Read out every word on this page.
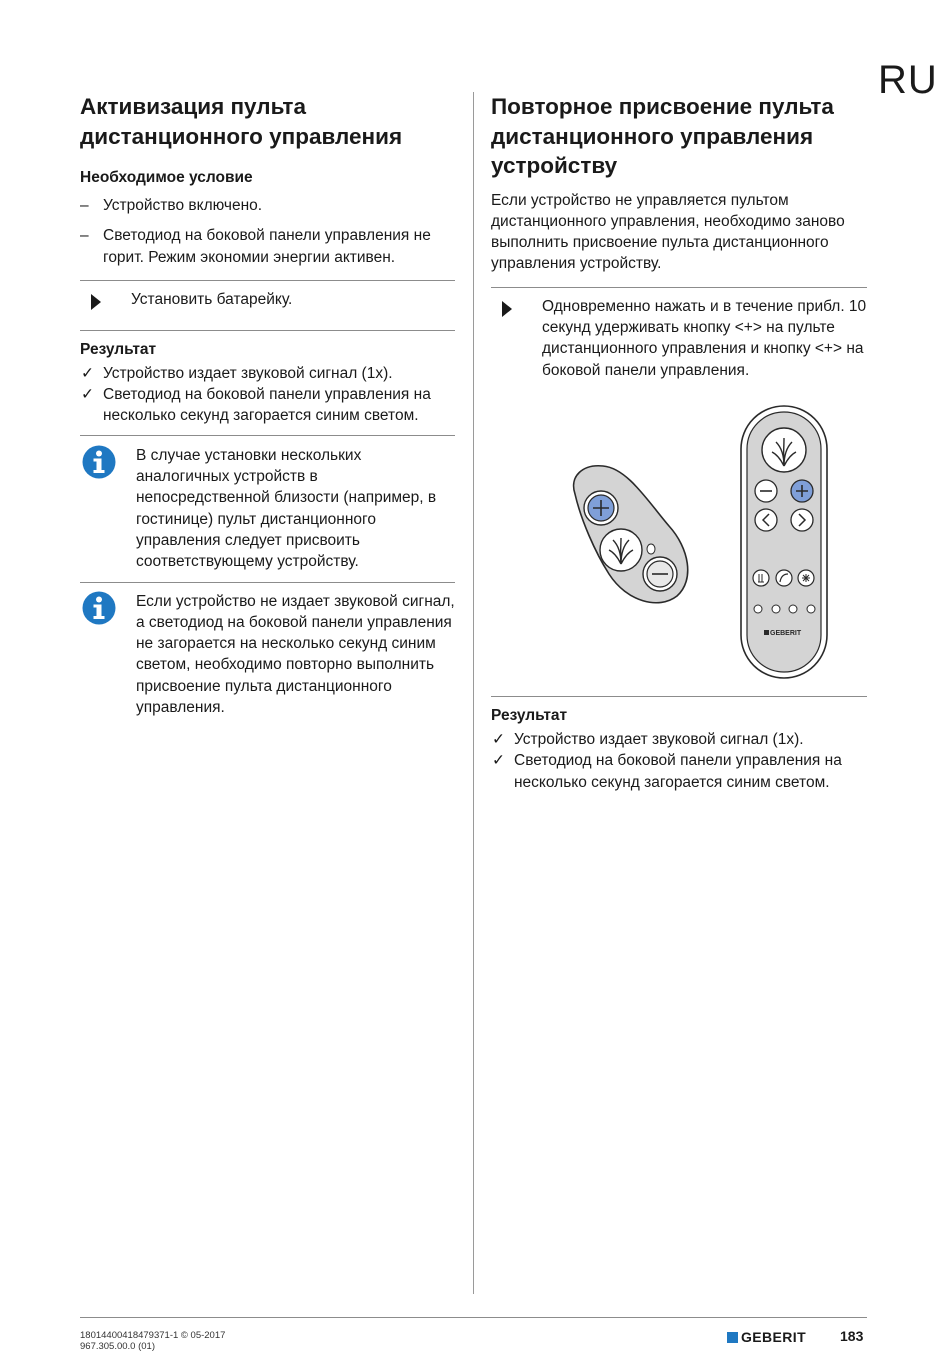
RU
Активизация пульта дистанционного управления
Необходимое условие
– Устройство включено.
– Светодиод на боковой панели управления не горит. Режим экономии энергии активен.
Установить батарейку.
Результат
✓ Устройство издает звуковой сигнал (1x).
✓ Светодиод на боковой панели управления на несколько секунд загорается синим светом.
В случае установки нескольких аналогичных устройств в непосредственной близости (например, в гостинице) пульт дистанционного управления следует присвоить соответствующему устройству.
Если устройство не издает звуковой сигнал, а светодиод на боковой панели управления не загорается на несколько секунд синим светом, необходимо повторно выполнить присвоение пульта дистанционного управления.
Повторное присвоение пульта дистанционного управления устройству
Если устройство не управляется пультом дистанционного управления, необходимо заново выполнить присвоение пульта дистанционного управления устройству.
Одновременно нажать и в течение прибл. 10 секунд удерживать кнопку <+> на пульте дистанционного управления и кнопку <+> на боковой панели управления.
GEBERIT
Результат
✓ Устройство издает звуковой сигнал (1x).
✓ Светодиод на боковой панели управления на несколько секунд загорается синим светом.
18014400418479371-1 © 05-2017
967.305.00.0 (01)
GEBERIT 183
